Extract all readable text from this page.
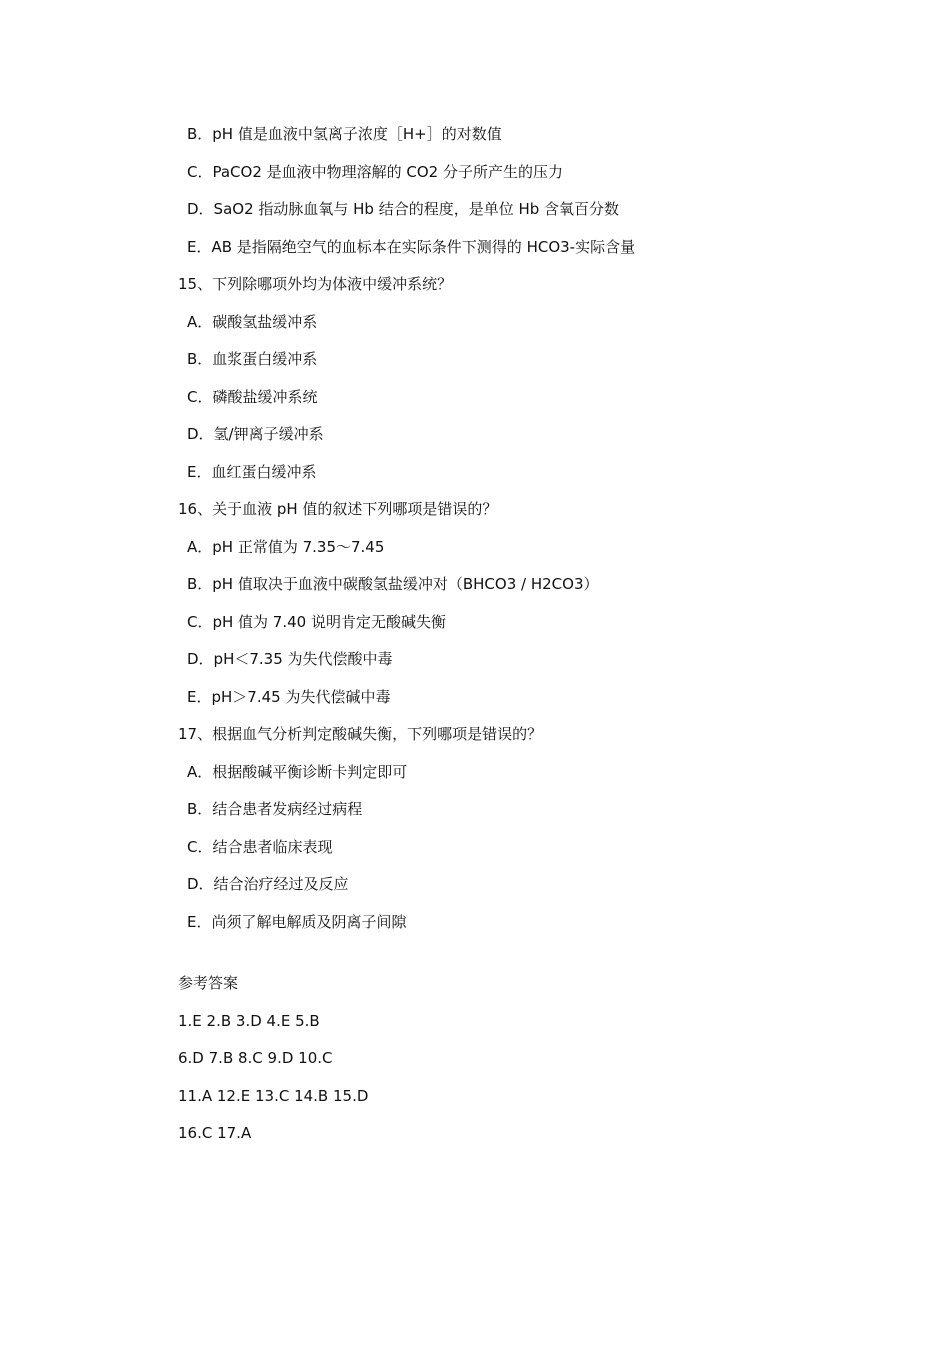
B．pH 值是血液中氢离子浓度［H+］的对数值
C．PaCO2 是血液中物理溶解的 CO2 分子所产生的压力
D．SaO2 指动脉血氧与 Hb 结合的程度，是单位 Hb 含氧百分数
E．AB 是指隔绝空气的血标本在实际条件下测得的 HCO3-实际含量
15、下列除哪项外均为体液中缓冲系统？
A．碳酸氢盐缓冲系
B．血浆蛋白缓冲系
C．磷酸盐缓冲系统
D．氢/钾离子缓冲系
E．血红蛋白缓冲系
16、关于血液 pH 值的叙述下列哪项是错误的？
A．pH 正常值为 7.35～7.45
B．pH 值取决于血液中碳酸氢盐缓冲对（BHCO3 / H2CO3）
C．pH 值为 7.40 说明肯定无酸碱失衡
D．pH＜7.35 为失代偿酸中毒
E．pH＞7.45 为失代偿碱中毒
17、根据血气分析判定酸碱失衡，下列哪项是错误的？
A．根据酸碱平衡诊断卡判定即可
B．结合患者发病经过病程
C．结合患者临床表现
D．结合治疗经过及反应
E．尚须了解电解质及阴离子间隙
参考答案
1.E 2.B 3.D 4.E 5.B
6.D 7.B 8.C 9.D 10.C
11.A 12.E 13.C 14.B 15.D
16.C 17.A
